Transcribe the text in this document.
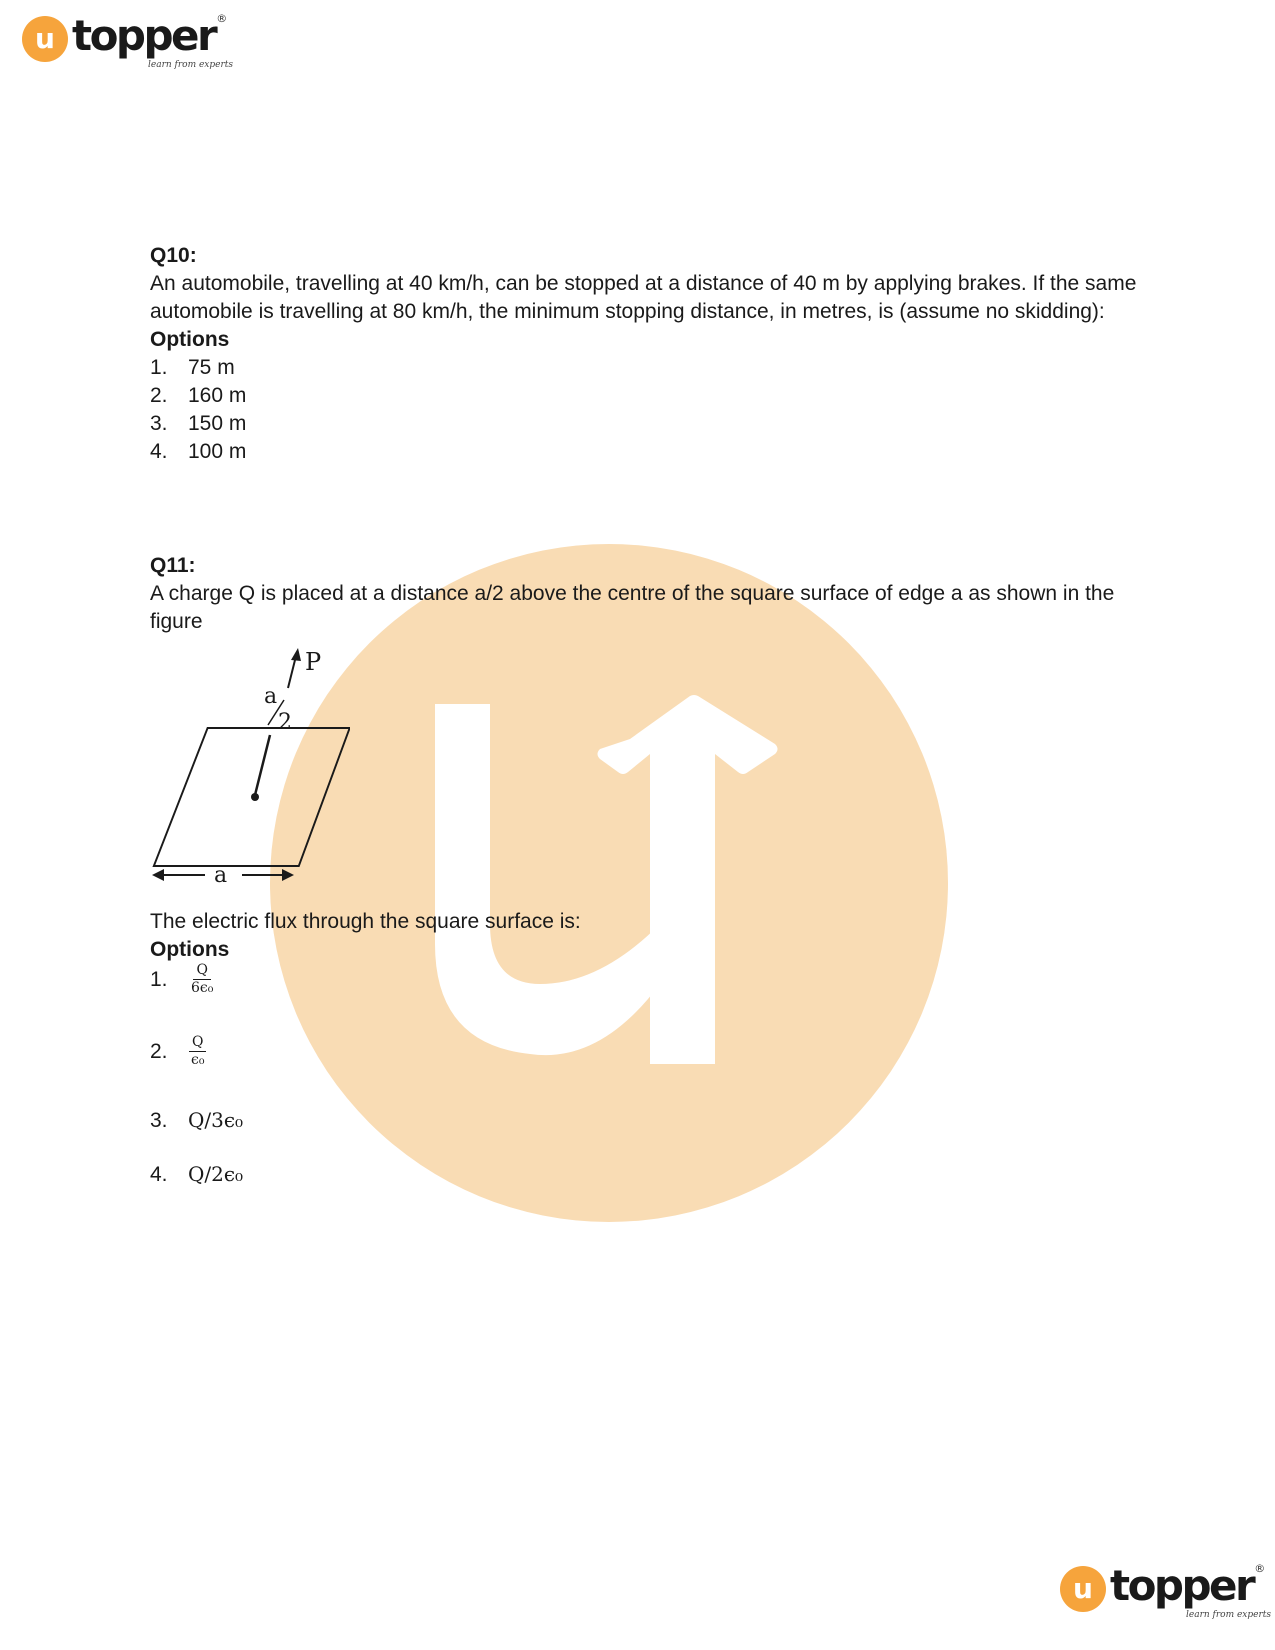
u topper ®
learn from experts
Q10:
An automobile, travelling at 40 km/h, can be stopped at a distance of 40 m by applying brakes. If the same automobile is travelling at 80 km/h, the minimum stopping distance, in metres, is (assume no skidding):
Options
1. 75 m
2. 160 m
3. 150 m
4. 100 m
Q11:
A charge Q is placed at a distance a/2 above the centre of the square surface of edge a as shown in the figure
The electric flux through the square surface is:
Options
1. $\frac{Q}{\text{6ϵ₀}}$
2. $\frac{Q}{\text{ϵ₀}}$
3. Q/3ϵ₀
4. Q/2ϵ₀
P
a
2
a
u topper ®
learn from experts
